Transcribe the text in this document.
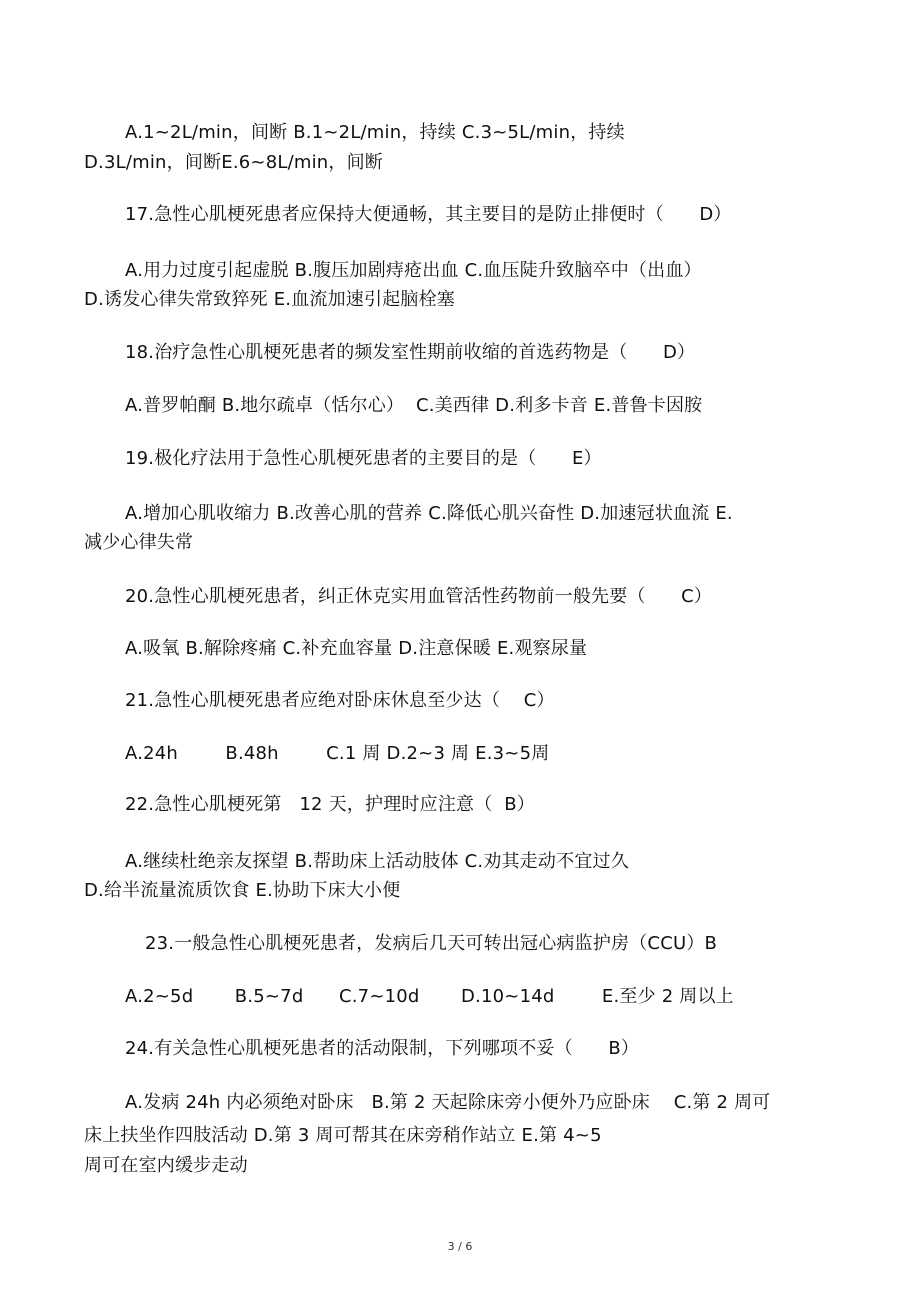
A.1~2L/min，间断 B.1~2L/min，持续 C.3~5L/min，持续
D.3L/min，间断E.6~8L/min，间断
17.急性心肌梗死患者应保持大便通畅，其主要目的是防止排便时（      D）
A.用力过度引起虚脱 B.腹压加剧痔疮出血 C.血压陡升致脑卒中（出血）
D.诱发心律失常致猝死 E.血流加速引起脑栓塞
18.治疗急性心肌梗死患者的频发室性期前收缩的首选药物是（      D）
A.普罗帕酮 B.地尔疏卓（恬尔心）  C.美西律 D.利多卡音 E.普鲁卡因胺
19.极化疗法用于急性心肌梗死患者的主要目的是（      E）
A.增加心肌收缩力 B.改善心肌的营养 C.降低心肌兴奋性 D.加速冠状血流 E.
减少心律失常
20.急性心肌梗死患者，纠正休克实用血管活性药物前一般先要（      C）
A.吸氧 B.解除疼痛 C.补充血容量 D.注意保暖 E.观察尿量
21.急性心肌梗死患者应绝对卧床休息至少达（    C）
A.24h        B.48h        C.1 周 D.2~3 周 E.3~5周
22.急性心肌梗死第   12 天，护理时应注意（  B）
A.继续杜绝亲友探望 B.帮助床上活动肢体 C.劝其走动不宜过久
D.给半流量流质饮食 E.协助下床大小便
23.一般急性心肌梗死患者，发病后几天可转出冠心病监护房（CCU）B
A.2~5d       B.5~7d      C.7~10d       D.10~14d        E.至少 2 周以上
24.有关急性心肌梗死患者的活动限制，下列哪项不妥（      B）
A.发病 24h 内必须绝对卧床   B.第 2 天起除床旁小便外乃应卧床    C.第 2 周可
床上扶坐作四肢活动 D.第 3 周可帮其在床旁稍作站立 E.第 4~5
周可在室内缓步走动
3 / 6
